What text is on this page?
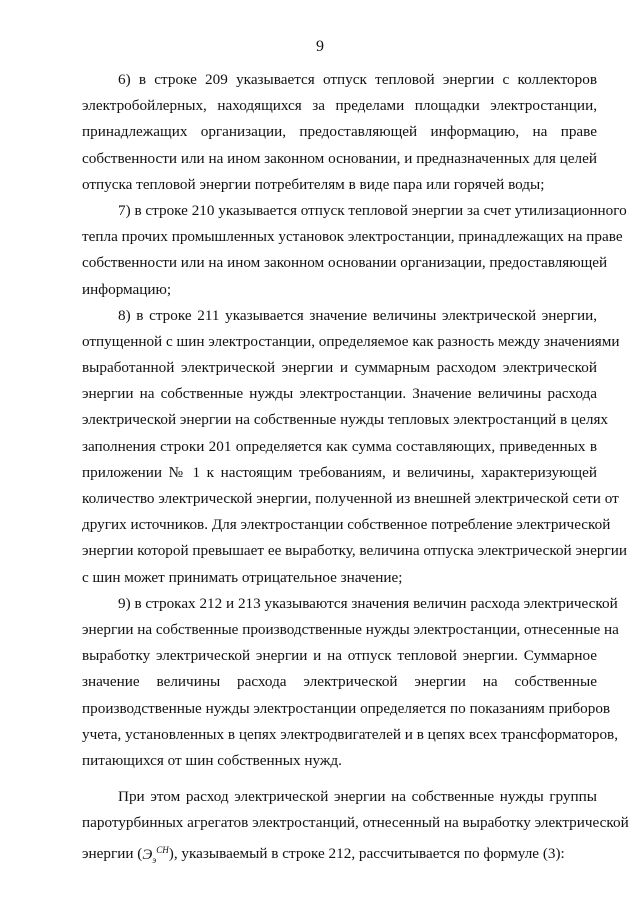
9

6) в строке 209 указывается отпуск тепловой энергии с коллекторов
электробойлерных, находящихся за пределами площадки электростанции,
принадлежащих организации, предоставляющей информацию, на праве
собственности или на ином законном основании, и предназначенных для целей
отпуска тепловой энергии потребителям в виде пара или горячей воды;

7) в строке 210 указывается отпуск тепловой энергии за счет утилизационного
тепла прочих промышленных установок электростанции, принадлежащих на праве
собственности или на ином законном основании организации, предоставляющей
информацию;

8) в строке 211 указывается значение величины электрической энергии,
отпущенной с шин электростанции, определяемое как разность между значениями
выработанной электрической энергии и суммарным расходом электрической
энергии на собственные нужды электростанции. Значение величины расхода
электрической энергии на собственные нужды тепловых электростанций в целях
заполнения строки 201 определяется как сумма составляющих, приведенных в
приложении № 1 к настоящим требованиям, и величины, характеризующей
количество электрической энергии, полученной из внешней электрической сети от
других источников. Для электростанции собственное потребление электрической
энергии которой превышает ее выработку, величина отпуска электрической энергии
с шин может принимать отрицательное значение;

9) в строках 212 и 213 указываются значения величин расхода электрической
энергии на собственные производственные нужды электростанции, отнесенные на
выработку электрической энергии и на отпуск тепловой энергии. Суммарное
значение величины расхода электрической энергии на собственные
производственные нужды электростанции определяется по показаниям приборов
учета, установленных в цепях электродвигателей и в цепях всех трансформаторов,
питающихся от шин собственных нужд.

При этом расход электрической энергии на собственные нужды группы
паротурбинных агрегатов электростанций, отнесенный на выработку электрической
энергии $(Э_э^{СН})$, указываемый в строке 212, рассчитывается по формуле (3):
